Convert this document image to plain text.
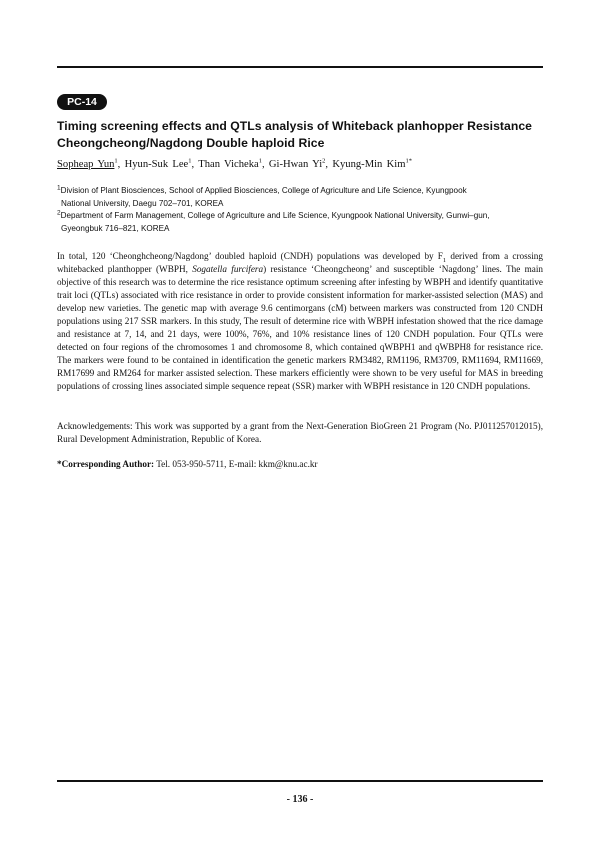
PC-14
Timing screening effects and QTLs analysis of Whiteback planhopper Resistance
Cheongcheong/Nagdong Double haploid Rice
Sopheap Yun$^1$, Hyun-Suk Lee$^1$, Than Vicheka$^1$, Gi-Hwan Yi$^2$, Kyung-Min Kim$^{1*}$
$^1$Division of Plant Biosciences, School of Applied Biosciences, College of Agriculture and Life Science, Kyungpook
National University, Daegu 702–701, KOREA
$^2$Department of Farm Management, College of Agriculture and Life Science, Kyungpook National University, Gunwi–gun,
Gyeongbuk 716–821, KOREA

In total, 120 ‘Cheonghcheong/Nagdong’ doubled haploid (CNDH) populations was developed by $F_1$ derived from a crossing whitebacked planthopper (WBPH, Sogatella furcifera) resistance ‘Cheongcheong’ and susceptible ‘Nagdong’ lines. The main objective of this research was to determine the rice resistance optimum screening after infesting by WBPH and identify quantitative trait loci (QTLs) associated with rice resistance in order to provide consistent information for marker-assisted selection (MAS) and develop new varieties. The genetic map with average 9.6 centimorgans (cM) between markers was constructed from 120 CNDH populations using 217 SSR markers. In this study, The result of determine rice with WBPH infestation showed that the rice damage and resistance at 7, 14, and 21 days, were 100%, 76%, and 10% resistance lines of 120 CNDH population. Four QTLs were detected on four regions of the chromosomes 1 and chromosome 8, which contained qWBPH1 and qWBPH8 for resistance rice. The markers were found to be contained in identification the genetic markers RM3482, RM1196, RM3709, RM11694, RM11669, RM17699 and RM264 for marker assisted selection. These markers efficiently were shown to be very useful for MAS in breeding populations of crossing lines associated simple sequence repeat (SSR) marker with WBPH resistance in 120 CNDH populations.

Acknowledgements: This work was supported by a grant from the Next-Generation BioGreen 21 Program (No. PJ011257012015), Rural Development Administration, Republic of Korea.

*Corresponding Author: Tel. 053-950-5711, E-mail: kkm@knu.ac.kr
- 136 -
